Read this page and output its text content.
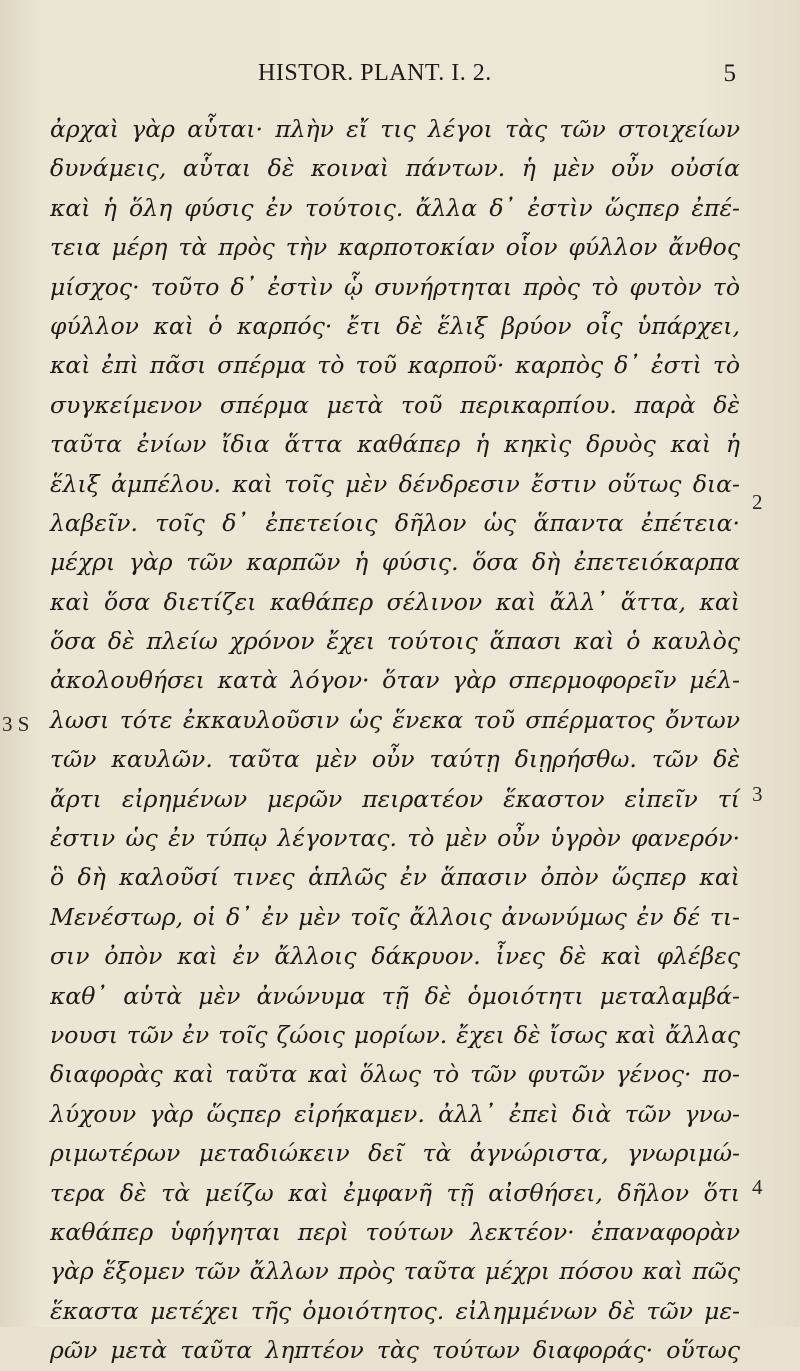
HISTOR. PLANT. I. 2.	5
ἀρχαὶ γὰρ αὗται· πλὴν εἴ τις λέγοι τὰς τῶν στοιχείων
δυνάμεις, αὗται δὲ κοιναὶ πάντων. ἡ μὲν οὖν οὐσία
καὶ ἡ ὅλη φύσις ἐν τούτοις. ἄλλα δ᾽ ἐστὶν ὥςπερ ἐπέ-
τεια μέρη τὰ πρὸς τὴν καρποτοκίαν οἷον φύλλον ἄνθος
μίσχος· τοῦτο δ᾽ ἐστὶν ᾧ συνήρτηται πρὸς τὸ φυτὸν τὸ
φύλλον καὶ ὁ καρπός· ἔτι δὲ ἕλιξ βρύον οἷς ὑπάρχει,
καὶ ἐπὶ πᾶσι σπέρμα τὸ τοῦ καρποῦ· καρπὸς δ᾽ ἐστὶ τὸ
συγκείμενον σπέρμα μετὰ τοῦ περικαρπίου. παρὰ δὲ
ταῦτα ἐνίων ἴδια ἅττα καθάπερ ἡ κηκὶς δρυὸς καὶ ἡ
ἕλιξ ἀμπέλου. καὶ τοῖς μὲν δένδρεσιν ἔστιν οὕτως δια-
λαβεῖν. τοῖς δ᾽ ἐπετείοις δῆλον ὡς ἅπαντα ἐπέτεια·
μέχρι γὰρ τῶν καρπῶν ἡ φύσις. ὅσα δὴ ἐπετειόκαρπα
καὶ ὅσα διετίζει καθάπερ σέλινον καὶ ἄλλ᾽ ἅττα, καὶ
ὅσα δὲ πλείω χρόνον ἔχει τούτοις ἅπασι καὶ ὁ καυλὸς
ἀκολουθήσει κατὰ λόγον· ὅταν γὰρ σπερμοφορεῖν μέλ-
λωσι τότε ἐκκαυλοῦσιν ὡς ἕνεκα τοῦ σπέρματος ὄντων
τῶν καυλῶν. ταῦτα μὲν οὖν ταύτῃ διῃρήσθω. τῶν δὲ
ἄρτι εἰρημένων μερῶν πειρατέον ἕκαστον εἰπεῖν τί
ἐστιν ὡς ἐν τύπῳ λέγοντας. τὸ μὲν οὖν ὑγρὸν φανερόν·
ὃ δὴ καλοῦσί τινες ἁπλῶς ἐν ἅπασιν ὀπὸν ὥςπερ καὶ
Μενέστωρ, οἱ δ᾽ ἐν μὲν τοῖς ἄλλοις ἀνωνύμως ἐν δέ τι-
σιν ὀπὸν καὶ ἐν ἄλλοις δάκρυον. ἶνες δὲ καὶ φλέβες
καθ᾽ αὑτὰ μὲν ἀνώνυμα τῇ δὲ ὁμοιότητι μεταλαμβά-
νουσι τῶν ἐν τοῖς ζώοις μορίων. ἔχει δὲ ἴσως καὶ ἄλλας
διαφορὰς καὶ ταῦτα καὶ ὅλως τὸ τῶν φυτῶν γένος· πο-
λύχουν γὰρ ὥςπερ εἰρήκαμεν. ἀλλ᾽ ἐπεὶ διὰ τῶν γνω-
ριμωτέρων μεταδιώκειν δεῖ τὰ ἀγνώριστα, γνωριμώ-
τερα δὲ τὰ μείζω καὶ ἐμφανῆ τῇ αἰσθήσει, δῆλον ὅτι
καθάπερ ὑφήγηται περὶ τούτων λεκτέον· ἐπαναφορὰν
γὰρ ἕξομεν τῶν ἄλλων πρὸς ταῦτα μέχρι πόσου καὶ πῶς
ἕκαστα μετέχει τῆς ὁμοιότητος. εἰλημμένων δὲ τῶν με-
ρῶν μετὰ ταῦτα ληπτέον τὰς τούτων διαφοράς· οὕτως
2
3 S
3
4
